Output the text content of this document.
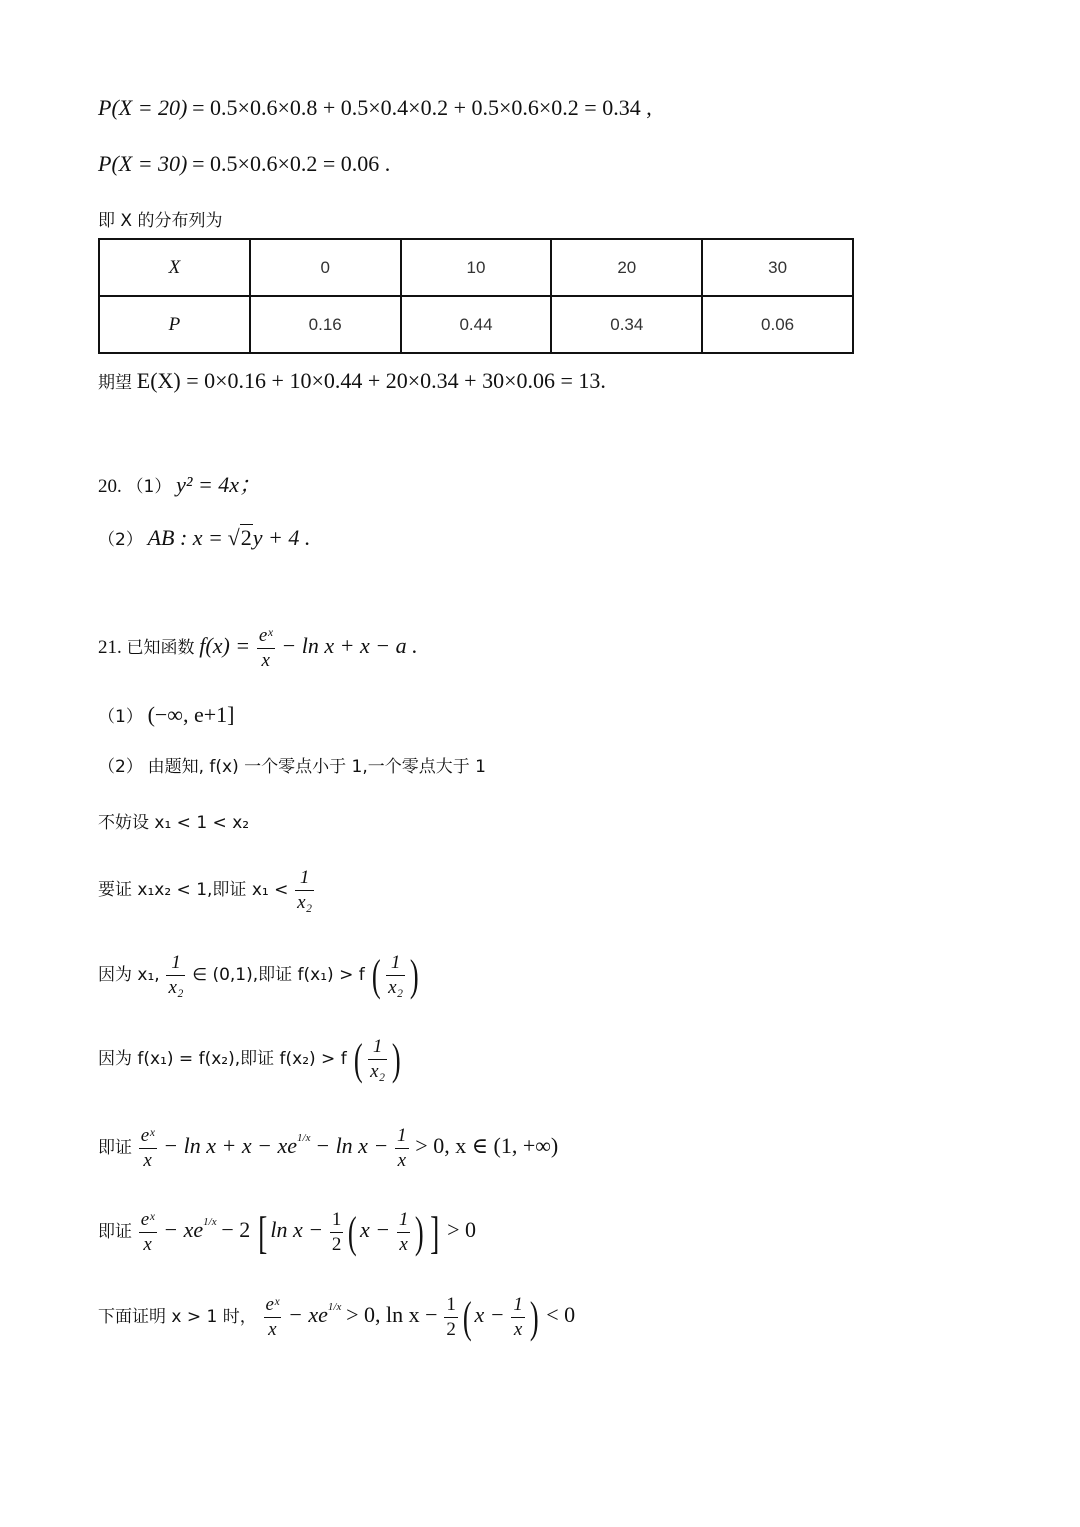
P(X = 20) = 0.5×0.6×0.8 + 0.5×0.4×0.2 + 0.5×0.6×0.2 = 0.34 ,
P(X = 30) = 0.5×0.6×0.2 = 0.06 .
即 X 的分布列为
X	0	10	20	30
P	0.16	0.44	0.34	0.06
期望 E(X) = 0×0.16 + 10×0.44 + 20×0.34 + 30×0.06 = 13.
20. （1） y² = 4x；
（2） AB : x = √2y + 4 .
21. 已知函数 $f(x) = \frac{\text{eˣ}}{x} - \ln x + x - a$ .
（1） (−∞, e+1]
（2） 由题知, f(x) 一个零点小于 1,一个零点大于 1
不妨设 x₁ < 1 < x₂
要证 x₁x₂ < 1,即证 $x_1 < \frac{1}{\text{x₂}}$
因为 x₁, $\frac{1}{\text{x₂}}$ ∈ (0,1),即证 f(x₁) > f ( $\frac{1}{\text{x₂}}$ )
因为 f(x₁) = f(x₂),即证 f(x₂) > f ( $\frac{1}{\text{x₂}}$ )
即证 $\frac{\text{eˣ}}{x} - \ln x + x - xe^{1/x} - \ln x - \frac{1}{x} > 0$, x ∈ (1, +∞)
即证 $\frac{\text{eˣ}}{x} - xe^{1/x} - 2$ [ $\ln x - \frac{1}{2}$ ( $x - \frac{1}{x}$ ) ] > 0
下面证明 x > 1 时， $\frac{\text{eˣ}}{x} - xe^{1/x} > 0$, $\ln x - \frac{1}{2}$ ( $x - \frac{1}{x}$ ) < 0
